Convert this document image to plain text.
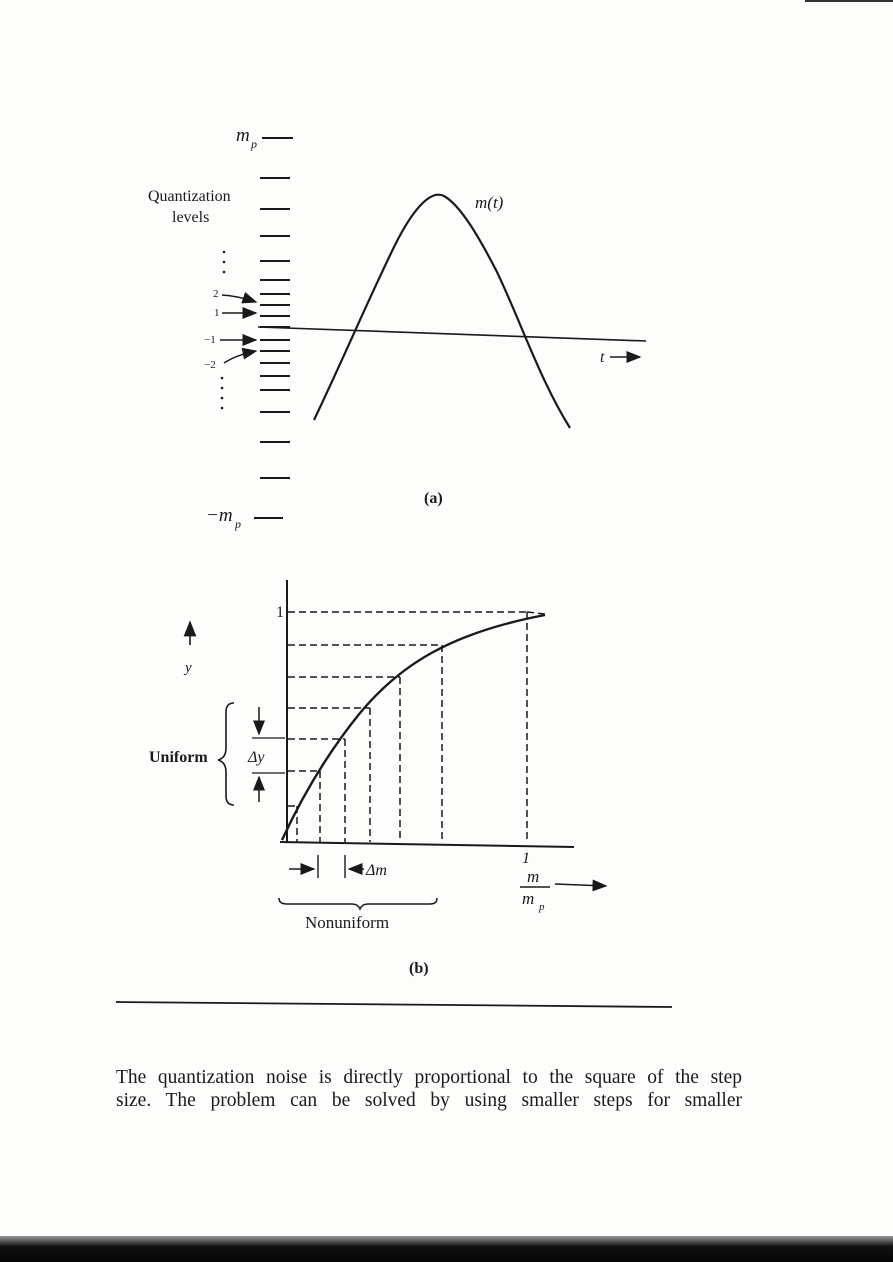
m p
−m p
Quantization
levels
2
1
−1
−2	t
m(t)
(a)
y
1
1
Uniform	Δy
Δm	m
m p
Nonuniform
(b)

The quantization noise is directly proportional to the square of the step
size. The problem can be solved by using smaller steps for smaller
